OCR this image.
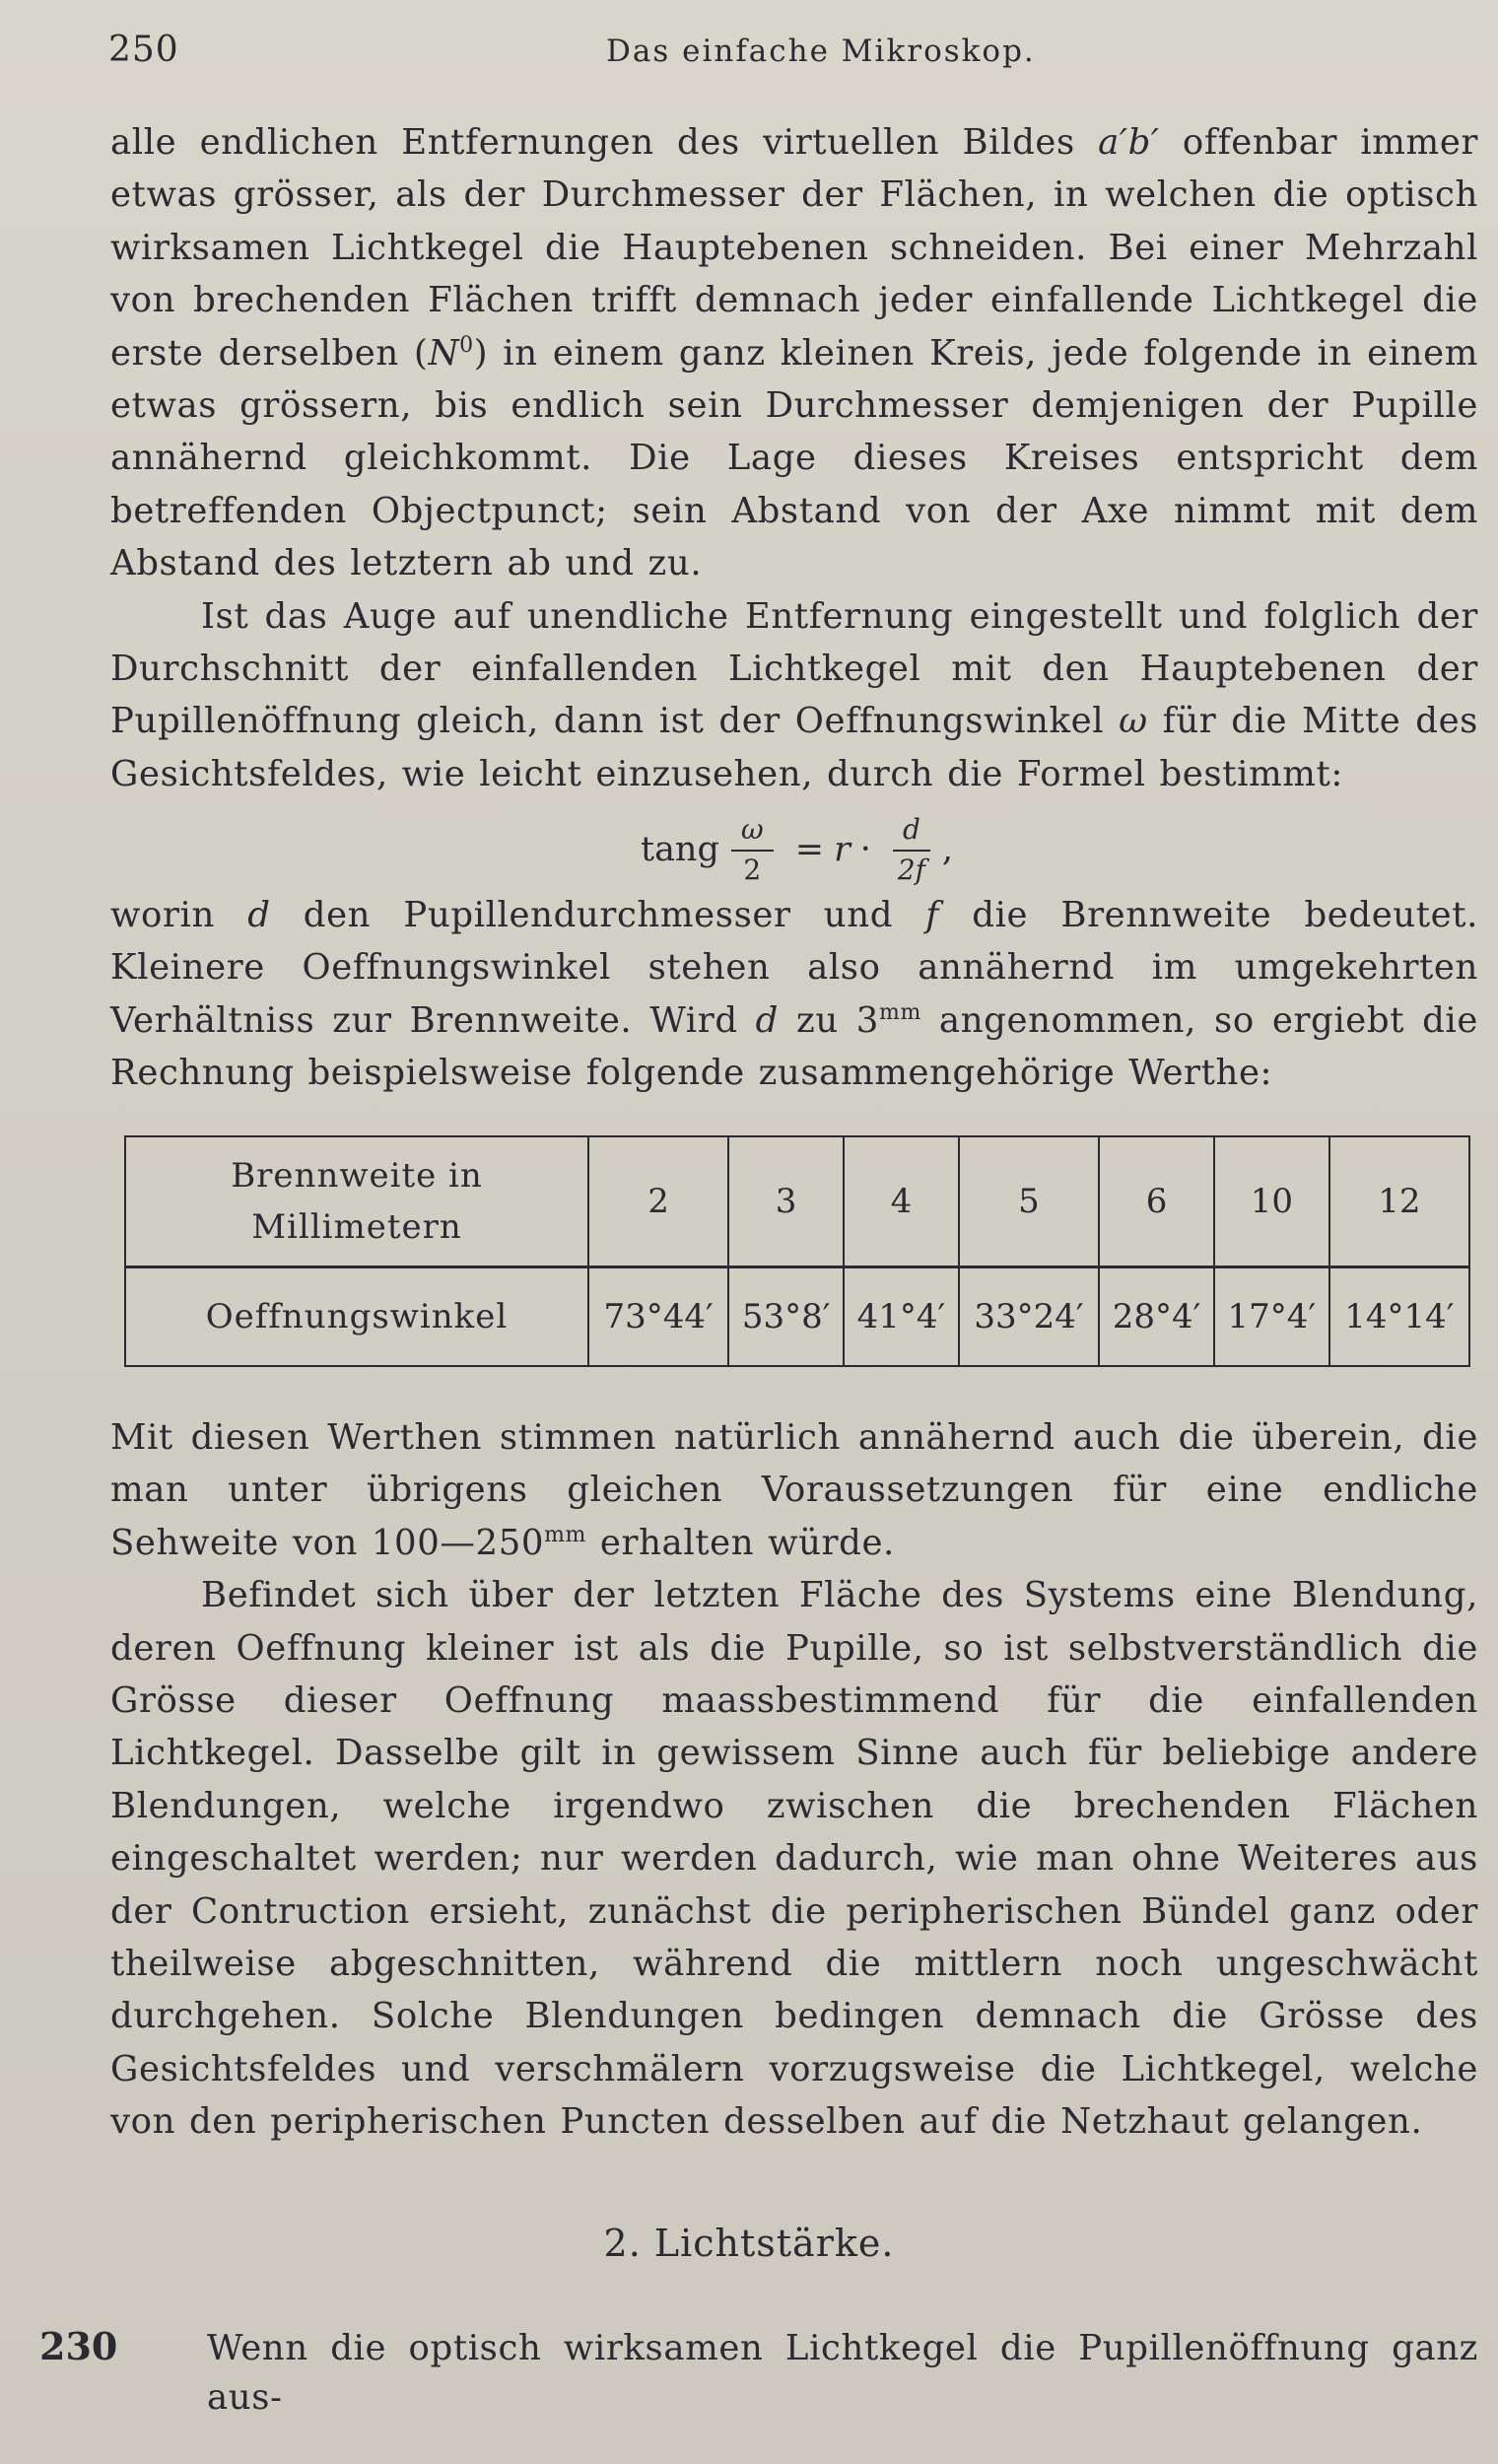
250	Das einfache Mikroskop.

alle endlichen Entfernungen des virtuellen Bildes a′b′ offenbar immer etwas grösser, als der Durchmesser der Flächen, in welchen die optisch wirksamen Lichtkegel die Hauptebenen schneiden. Bei einer Mehrzahl von brechenden Flächen trifft demnach jeder einfallende Lichtkegel die erste derselben $(N^0)$ in einem ganz kleinen Kreis, jede folgende in einem etwas grössern, bis endlich sein Durchmesser demjenigen der Pupille annähernd gleichkommt. Die Lage dieses Kreises entspricht dem betreffenden Objectpunct; sein Abstand von der Axe nimmt mit dem Abstand des letztern ab und zu.

Ist das Auge auf unendliche Entfernung eingestellt und folglich der Durchschnitt der einfallenden Lichtkegel mit den Hauptebenen der Pupillenöffnung gleich, dann ist der Oeffnungswinkel ω für die Mitte des Gesichtsfeldes, wie leicht einzusehen, durch die Formel bestimmt:

tang $\frac{\omega}{2} = r \cdot \frac{d}{2f}$ ,

worin d den Pupillendurchmesser und f die Brennweite bedeutet. Kleinere Oeffnungswinkel stehen also annähernd im umgekehrten Verhältniss zur Brennweite. Wird d zu $3^{mm}$ angenommen, so ergiebt die Rechnung beispielsweise folgende zusammengehörige Werthe:

Brennweite in
Millimetern	2	3	4	5	6	10	12
Oeffnungswinkel	73°44′	53°8′	41°4′	33°24′	28°4′	17°4′	14°14′

Mit diesen Werthen stimmen natürlich annähernd auch die überein, die man unter übrigens gleichen Voraussetzungen für eine endliche Sehweite von $100—250^{mm}$ erhalten würde.

Befindet sich über der letzten Fläche des Systems eine Blendung, deren Oeffnung kleiner ist als die Pupille, so ist selbstverständlich die Grösse dieser Oeffnung maassbestimmend für die einfallenden Lichtkegel. Dasselbe gilt in gewissem Sinne auch für beliebige andere Blendungen, welche irgendwo zwischen die brechenden Flächen eingeschaltet werden; nur werden dadurch, wie man ohne Weiteres aus der Contruction ersieht, zunächst die peripherischen Bündel ganz oder theilweise abgeschnitten, während die mittlern noch ungeschwächt durchgehen. Solche Blendungen bedingen demnach die Grösse des Gesichtsfeldes und verschmälern vorzugsweise die Lichtkegel, welche von den peripherischen Puncten desselben auf die Netzhaut gelangen.

2. Lichtstärke.
230	Wenn die optisch wirksamen Lichtkegel die Pupillenöffnung ganz aus-
